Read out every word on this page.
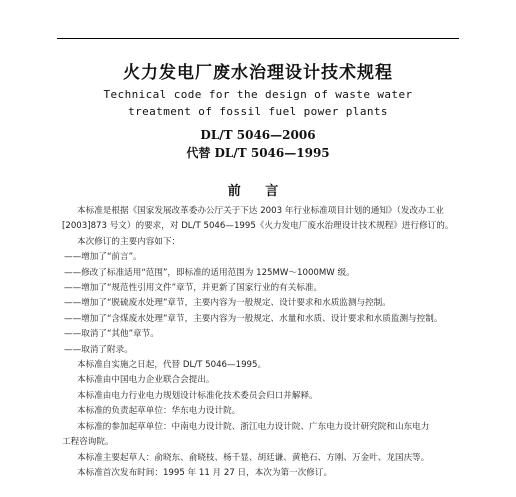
火力发电厂废水治理设计技术规程
Technical code for the design of waste water
treatment of fossil fuel power plants
DL/T 5046—2006
代替 DL/T 5046—1995
前 言
本标准是根据《国家发展改革委办公厅关于下达 2003 年行业标准项目计划的通知》（发改办工业
[2003]873 号文）的要求，对 DL/T 5046—1995《火力发电厂废水治理设计技术规程》进行修订的。
本次修订的主要内容如下：
——增加了“前言”。
——修改了标准适用“范围”，即标准的适用范围为 125MW～1000MW 级。
——增加了“规范性引用文件”章节，并更新了国家行业的有关标准。
——增加了“脱硫废水处理”章节，主要内容为一般规定、设计要求和水质监测与控制。
——增加了“含煤废水处理”章节，主要内容为一般规定、水量和水质、设计要求和水质监测与控制。
——取消了“其他”章节。
——取消了附录。
本标准自实施之日起，代替 DL/T 5046—1995。
本标准由中国电力企业联合会提出。
本标准由电力行业电力规划设计标准化技术委员会归口并解释。
本标准的负责起草单位：华东电力设计院。
本标准的参加起草单位：中南电力设计院、浙江电力设计院、广东电力设计研究院和山东电力
工程咨询院。
本标准主要起草人：俞晓东、俞晓枝、杨千显、胡廷谦、黄艳石、方刚、万金叶、龙国庆等。
本标准首次发布时间：1995 年 11 月 27 日，本次为第一次修订。
